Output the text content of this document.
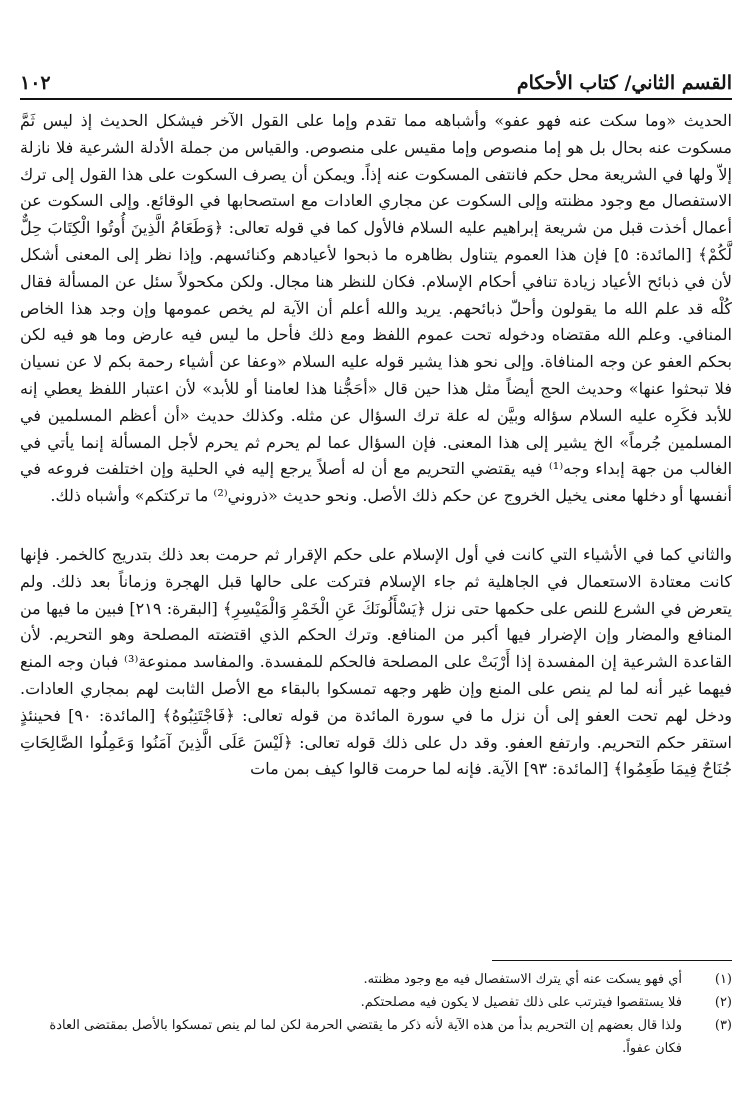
القسم الثاني/ كتاب الأحكام
١٠٢

الحديث «وما سكت عنه فهو عفو» وأشباهه مما تقدم وإما على القول الآخر فيشكل الحديث إذ ليس ثَمَّ مسكوت عنه بحال بل هو إما منصوص وإما مقيس على منصوص. والقياس من جملة الأدلة الشرعية فلا نازلة إلاّ ولها في الشريعة محل حكم فانتفى المسكوت عنه إذاً. ويمكن أن يصرف السكوت على هذا القول إلى ترك الاستفصال مع وجود مظنته وإلى السكوت عن مجاري العادات مع استصحابها في الوقائع. وإلى السكوت عن أعمال أخذت قبل من شريعة إبراهيم عليه السلام فالأول كما في قوله تعالى: ﴿وَطَعَامُ الَّذِينَ أُوتُوا الْكِتَابَ حِلٌّ لَّكُمْ﴾ [المائدة: ٥] فإن هذا العموم يتناول بظاهره ما ذبحوا لأعيادهم وكنائسهم. وإذا نظر إلى المعنى أشكل لأن في ذبائح الأعياد زيادة تنافي أحكام الإسلام. فكان للنظر هنا مجال. ولكن مكحولاً سئل عن المسألة فقال كُلْه قد علم الله ما يقولون وأحلّ ذبائحهم. يريد والله أعلم أن الآية لم يخص عمومها وإن وجد هذا الخاص المنافي. وعلم الله مقتضاه ودخوله تحت عموم اللفظ ومع ذلك فأحل ما ليس فيه عارض وما هو فيه لكن بحكم العفو عن وجه المنافاة. وإلى نحو هذا يشير قوله عليه السلام «وعفا عن أشياء رحمة بكم لا عن نسيان فلا تبحثوا عنها» وحديث الحج أيضاً مثل هذا حين قال «أحَجُّنا هذا لعامنا أو للأبد» لأن اعتبار اللفظ يعطي إنه للأبد فكَرِه عليه السلام سؤاله وبيَّن له علة ترك السؤال عن مثله. وكذلك حديث «أن أعظم المسلمين في المسلمين جُرماً» الخ يشير إلى هذا المعنى. فإن السؤال عما لم يحرم ثم يحرم لأجل المسألة إنما يأتي في الغالب من جهة إبداء وجه⁽¹⁾ فيه يقتضي التحريم مع أن له أصلاً يرجع إليه في الحلية وإن اختلفت فروعه في أنفسها أو دخلها معنى يخيل الخروج عن حكم ذلك الأصل. ونحو حديث «ذروني⁽²⁾ ما تركتكم» وأشباه ذلك.

والثاني كما في الأشياء التي كانت في أول الإسلام على حكم الإقرار ثم حرمت بعد ذلك بتدريج كالخمر. فإنها كانت معتادة الاستعمال في الجاهلية ثم جاء الإسلام فتركت على حالها قبل الهجرة وزماناً بعد ذلك. ولم يتعرض في الشرع للنص على حكمها حتى نزل ﴿يَسْأَلُونَكَ عَنِ الْخَمْرِ وَالْمَيْسِرِ﴾ [البقرة: ٢١٩] فبين ما فيها من المنافع والمضار وإن الإضرار فيها أكبر من المنافع. وترك الحكم الذي اقتضته المصلحة وهو التحريم. لأن القاعدة الشرعية إن المفسدة إذا أَرْبَتْ على المصلحة فالحكم للمفسدة. والمفاسد ممنوعة⁽³⁾ فبان وجه المنع فيهما غير أنه لما لم ينص على المنع وإن ظهر وجهه تمسكوا بالبقاء مع الأصل الثابت لهم بمجاري العادات. ودخل لهم تحت العفو إلى أن نزل ما في سورة المائدة من قوله تعالى: ﴿فَاجْتَنِبُوهُ﴾ [المائدة: ٩٠] فحينئذٍ استقر حكم التحريم. وارتفع العفو. وقد دل على ذلك قوله تعالى: ﴿لَيْسَ عَلَى الَّذِينَ آمَنُوا وَعَمِلُوا الصَّالِحَاتِ جُنَاحٌ فِيمَا طَعِمُوا﴾ [المائدة: ٩٣] الآية. فإنه لما حرمت قالوا كيف بمن مات

(١)
أي فهو يسكت عنه أي يترك الاستفصال فيه مع وجود مظنته.
(٢)
فلا يستقصوا فيترتب على ذلك تفصيل لا يكون فيه مصلحتكم.
(٣)
ولذا قال بعضهم إن التحريم بدأ من هذه الآية لأنه ذكر ما يقتضي الحرمة لكن لما لم ينص تمسكوا بالأصل بمقتضى العادة فكان عفواً.
